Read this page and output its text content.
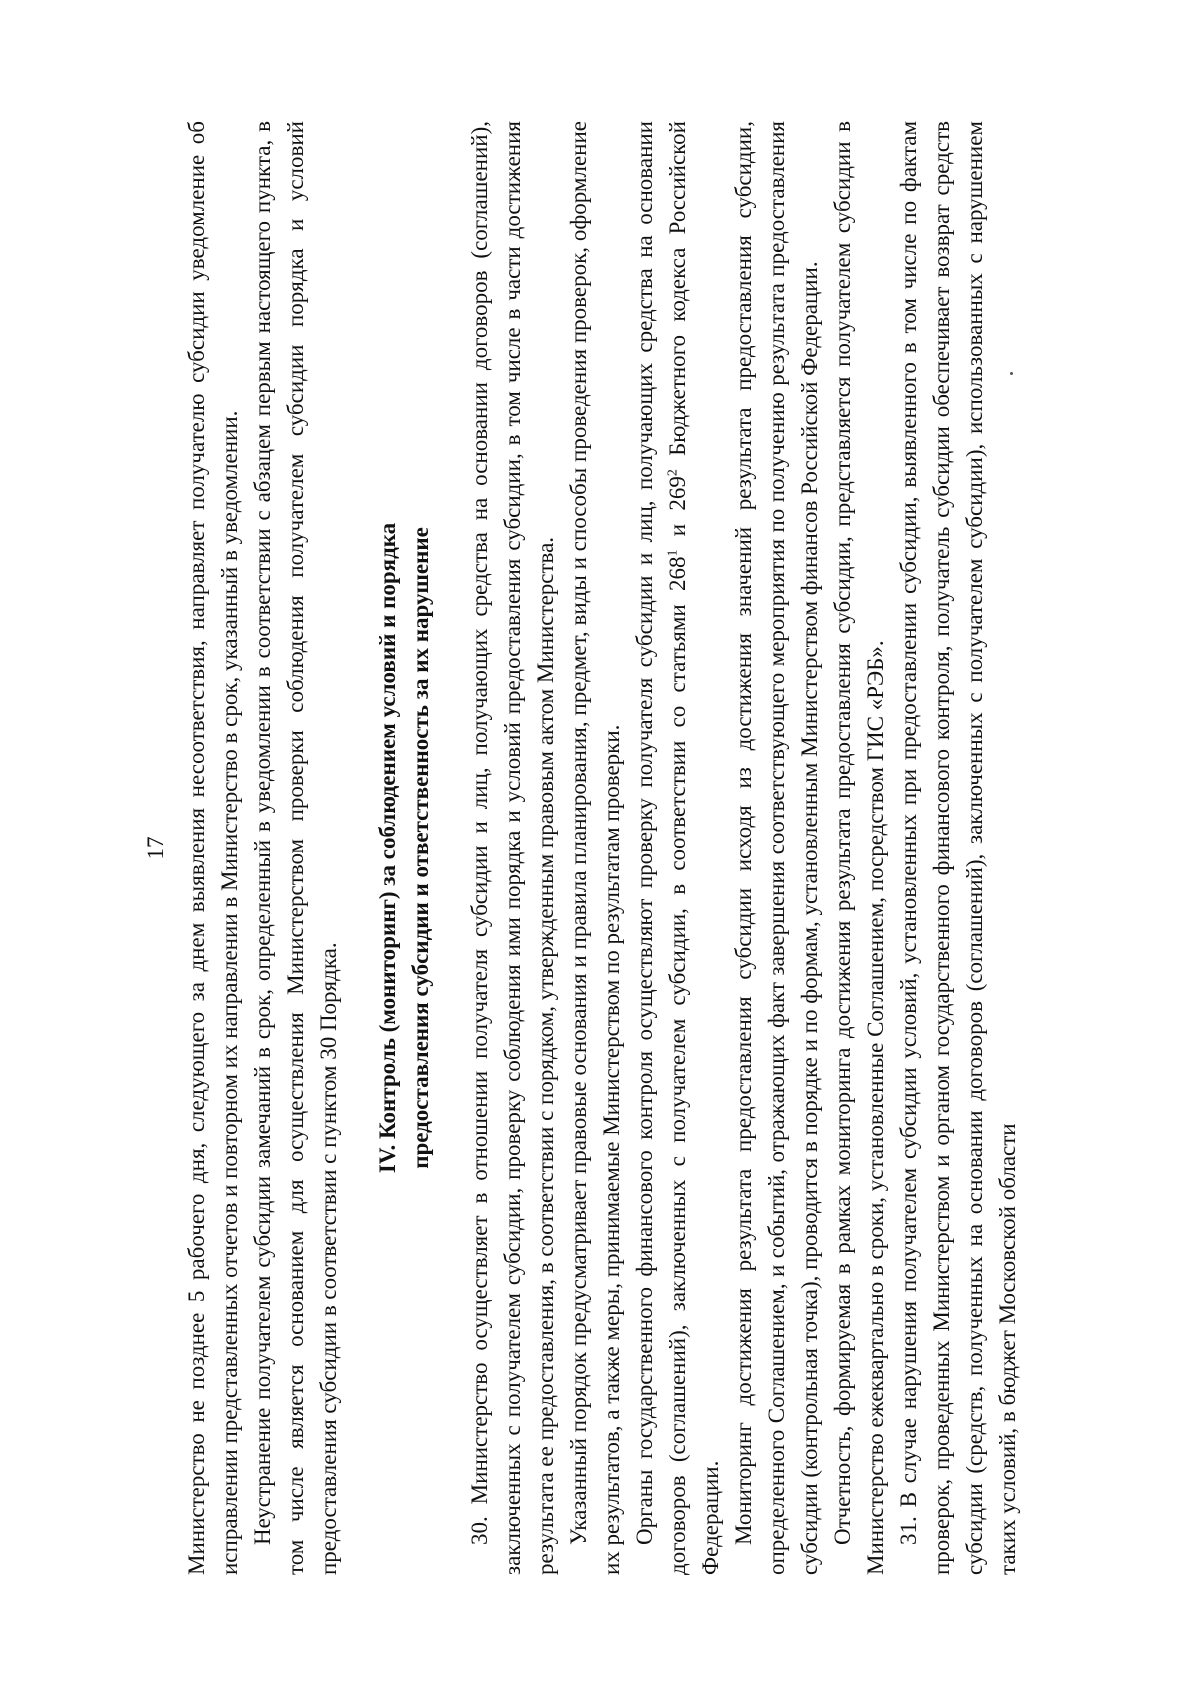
17 Министерство не позднее 5 рабочего дня, следующего за днем выявления несоответствия, направляет получателю субсидии уведомление об исправлении представленных отчетов и повторном их направлении в Министерство в срок, указанный в уведомлении. Неустранение получателем субсидии замечаний в срок, определенный в уведомлении в соответствии с абзацем первым настоящего пункта, в том числе является основанием для осуществления Министерством проверки соблюдения получателем субсидии порядка и условий предоставления субсидии в соответствии с пунктом 30 Порядка.

IV. Контроль (мониторинг) за соблюдением условий и порядка предоставления субсидии и ответственность за их нарушение 30. Министерство осуществляет в отношении получателя субсидии и лиц, получающих средства на основании договоров (соглашений), заключенных с получателем субсидии, проверку соблюдения ими порядка и условий предоставления субсидии, в том числе в части достижения результата ее предоставления, в соответствии с порядком, утвержденным правовым актом Министерства. Указанный порядок предусматривает правовые основания и правила планирования, предмет, виды и способы проведения проверок, оформление их результатов, а также меры, принимаемые Министерством по результатам проверки. Органы государственного финансового контроля осуществляют проверку получателя субсидии и лиц, получающих средства на основании договоров (соглашений), заключенных с получателем субсидии, в соответствии со статьями $268^1$ и $269^2$ Бюджетного кодекса Российской Федерации. Мониторинг достижения результата предоставления субсидии исходя из достижения значений результата предоставления субсидии, определенного Соглашением, и событий, отражающих факт завершения соответствующего мероприятия по получению результата предоставления субсидии (контрольная точка), проводится в порядке и по формам, установленным Министерством финансов Российской Федерации. Отчетность, формируемая в рамках мониторинга достижения результата предоставления субсидии, представляется получателем субсидии в Министерство ежеквартально в сроки, установленные Соглашением, посредством ГИС «РЭБ». 31. В случае нарушения получателем субсидии условий, установленных при предоставлении субсидии, выявленного в том числе по фактам проверок, проведенных Министерством и органом государственного финансового контроля, получатель субсидии обеспечивает возврат средств субсидии (средств, полученных на основании договоров (соглашений), заключенных с получателем субсидии), использованных с нарушением таких условий, в бюджет Московской области
